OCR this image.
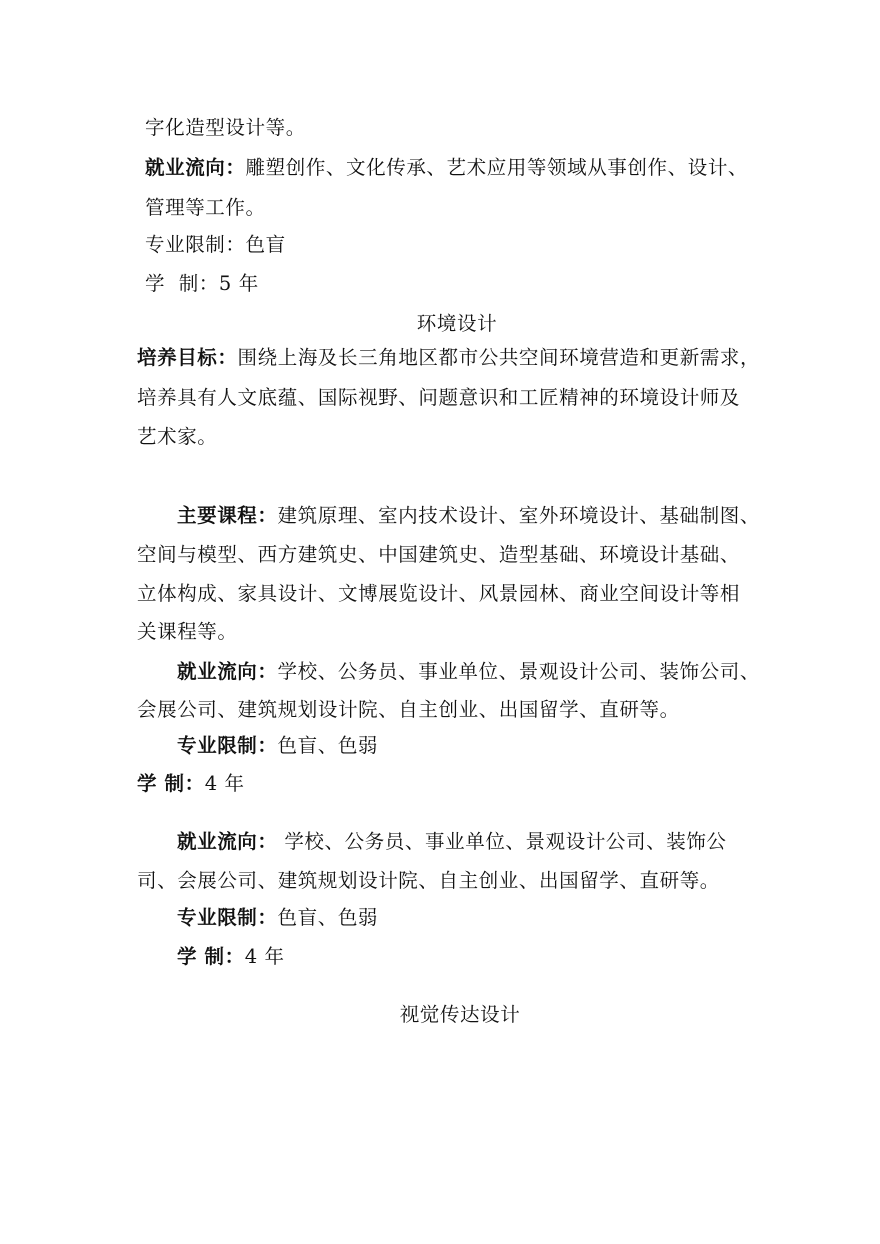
字化造型设计等。
就业流向：雕塑创作、文化传承、艺术应用等领域从事创作、设计、
管理等工作。
专业限制：色盲
学  制：5 年
环境设计
培养目标：围绕上海及长三角地区都市公共空间环境营造和更新需求，
培养具有人文底蕴、国际视野、问题意识和工匠精神的环境设计师及
艺术家。
主要课程：建筑原理、室内技术设计、室外环境设计、基础制图、
空间与模型、西方建筑史、中国建筑史、造型基础、环境设计基础、
立体构成、家具设计、文博展览设计、风景园林、商业空间设计等相
关课程等。
就业流向：学校、公务员、事业单位、景观设计公司、装饰公司、
会展公司、建筑规划设计院、自主创业、出国留学、直研等。
专业限制：色盲、色弱
学 制：4 年
就业流向： 学校、公务员、事业单位、景观设计公司、装饰公
司、会展公司、建筑规划设计院、自主创业、出国留学、直研等。
专业限制：色盲、色弱
学 制：4 年
视觉传达设计
